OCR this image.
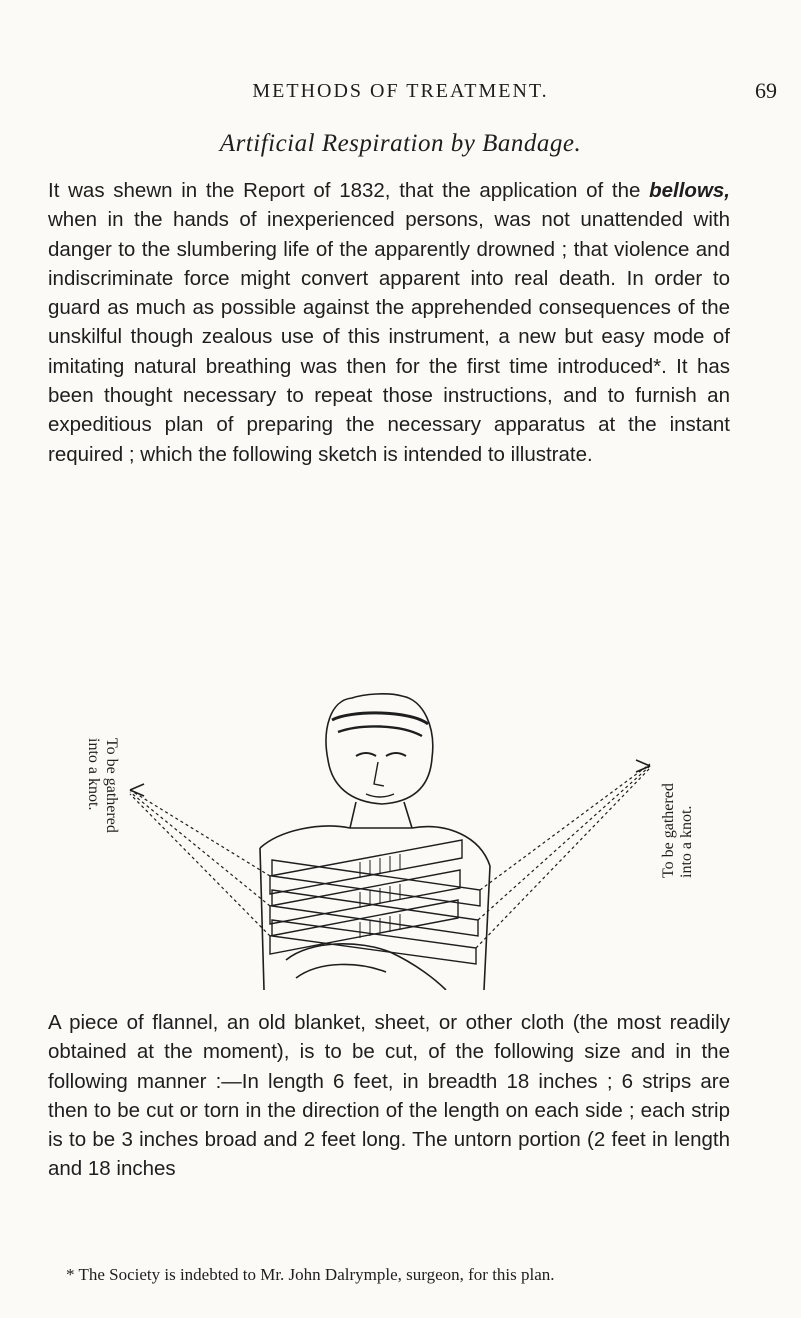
METHODS OF TREATMENT.	69
Artificial Respiration by Bandage.
It was shewn in the Report of 1832, that the application of the bellows, when in the hands of inexperienced persons, was not unattended with danger to the slumbering life of the apparently drowned ; that violence and indiscriminate force might convert apparent into real death. In order to guard as much as possible against the apprehended consequences of the unskilful though zealous use of this instrument, a new but easy mode of imitating natural breathing was then for the first time introduced*. It has been thought necessary to repeat those instructions, and to furnish an expeditious plan of preparing the necessary apparatus at the instant required ; which the following sketch is intended to illustrate.
To be gathered
into a knot.
To be gathered into a knot.
A piece of flannel, an old blanket, sheet, or other cloth (the most readily obtained at the moment), is to be cut, of the following size and in the following manner :—In length 6 feet, in breadth 18 inches ; 6 strips are then to be cut or torn in the direction of the length on each side ; each strip is to be 3 inches broad and 2 feet long. The untorn portion (2 feet in length and 18 inches
* The Society is indebted to Mr. John Dalrymple, surgeon, for this plan.
